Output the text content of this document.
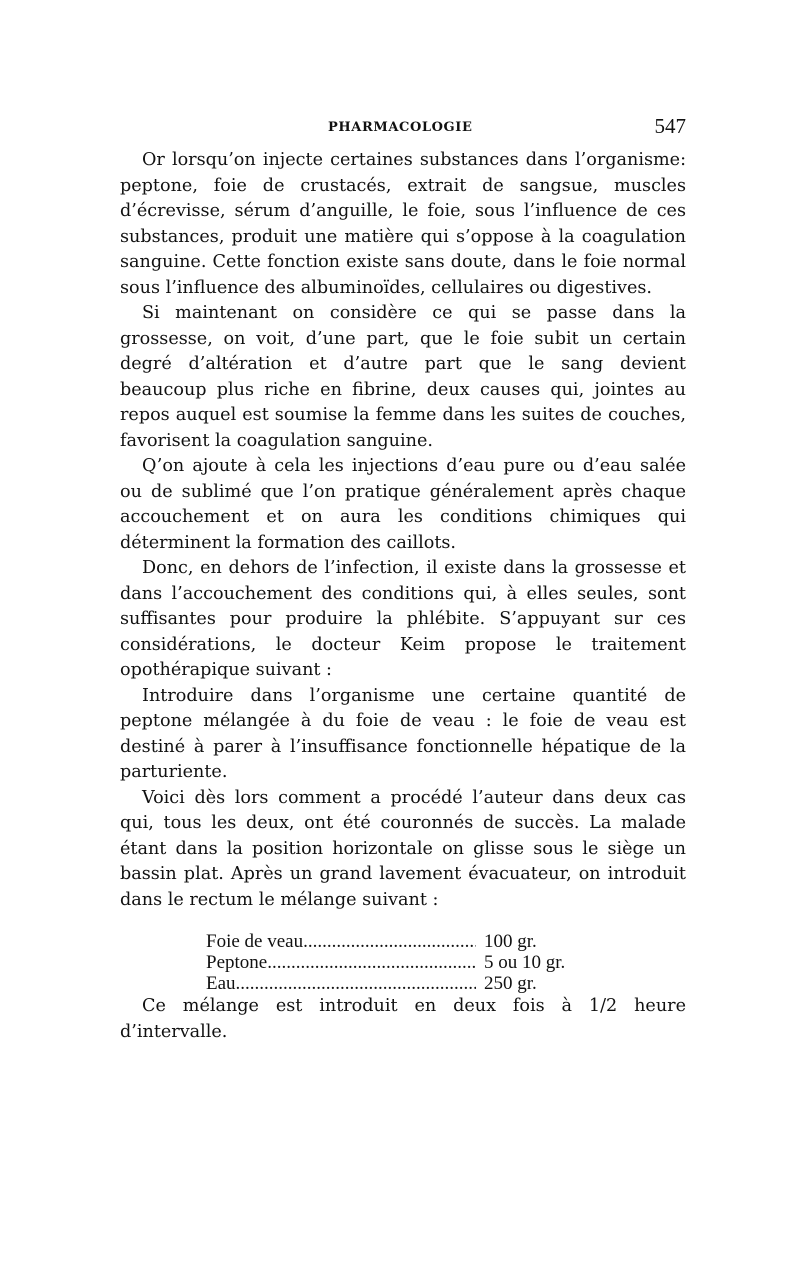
PHARMACOLOGIE	547

Or lorsqu’on injecte certaines substances dans l’organisme: peptone, foie de crustacés, extrait de sangsue, muscles d’écrevisse, sérum d’anguille, le foie, sous l’influence de ces substances, produit une matière qui s’oppose à la coagulation sanguine. Cette fonction existe sans doute, dans le foie normal sous l’influence des albuminoïdes, cellulaires ou digestives.

Si maintenant on considère ce qui se passe dans la grossesse, on voit, d’une part, que le foie subit un certain degré d’altération et d’autre part que le sang devient beaucoup plus riche en fibrine, deux causes qui, jointes au repos auquel est soumise la femme dans les suites de couches, favorisent la coagulation sanguine.

Q’on ajoute à cela les injections d’eau pure ou d’eau salée ou de sublimé que l’on pratique généralement après chaque accouchement et on aura les conditions chimiques qui déterminent la formation des caillots.

Donc, en dehors de l’infection, il existe dans la grossesse et dans l’accouchement des conditions qui, à elles seules, sont suffisantes pour produire la phlébite. S’appuyant sur ces considérations, le docteur Keim propose le traitement opothérapique suivant :

Introduire dans l’organisme une certaine quantité de peptone mélangée à du foie de veau : le foie de veau est destiné à parer à l’insuffisance fonctionnelle hépatique de la parturiente.

Voici dès lors comment a procédé l’auteur dans deux cas qui, tous les deux, ont été couronnés de succès. La malade étant dans la position horizontale on glisse sous le siège un bassin plat. Après un grand lavement évacuateur, on introduit dans le rectum le mélange suivant :

Foie de veau .....	100 gr.
Peptone .....	5 ou 10 gr.
Eau .....	250 gr.

Ce mélange est introduit en deux fois à 1/2 heure d’intervalle.
